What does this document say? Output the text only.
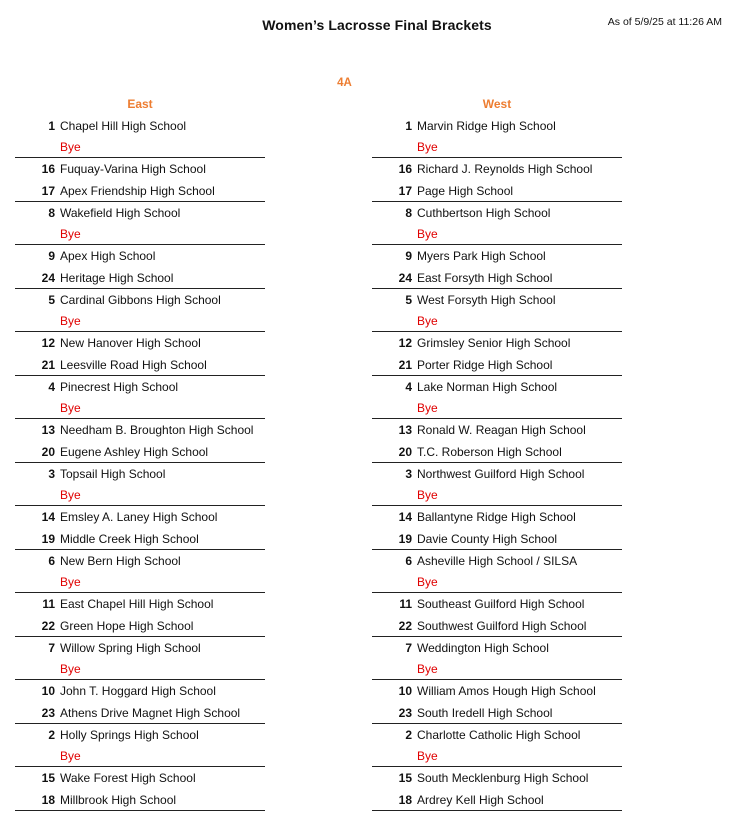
Women’s Lacrosse Final Brackets	As of 5/9/25 at 11:26 AM
4A
East
1 Chapel Hill High School
Bye
16 Fuquay-Varina High School
17 Apex Friendship High School
8 Wakefield High School
Bye
9 Apex High School
24 Heritage High School
5 Cardinal Gibbons High School
Bye
12 New Hanover High School
21 Leesville Road High School
4 Pinecrest High School
Bye
13 Needham B. Broughton High School
20 Eugene Ashley High School
3 Topsail High School
Bye
14 Emsley A. Laney High School
19 Middle Creek High School
6 New Bern High School
Bye
11 East Chapel Hill High School
22 Green Hope High School
7 Willow Spring High School
Bye
10 John T. Hoggard High School
23 Athens Drive Magnet High School
2 Holly Springs High School
Bye
15 Wake Forest High School
18 Millbrook High School
West
1 Marvin Ridge High School
Bye
16 Richard J. Reynolds High School
17 Page High School
8 Cuthbertson High School
Bye
9 Myers Park High School
24 East Forsyth High School
5 West Forsyth High School
Bye
12 Grimsley Senior High School
21 Porter Ridge High School
4 Lake Norman High School
Bye
13 Ronald W. Reagan High School
20 T.C. Roberson High School
3 Northwest Guilford High School
Bye
14 Ballantyne Ridge High School
19 Davie County High School
6 Asheville High School / SILSA
Bye
11 Southeast Guilford High School
22 Southwest Guilford High School
7 Weddington High School
Bye
10 William Amos Hough High School
23 South Iredell High School
2 Charlotte Catholic High School
Bye
15 South Mecklenburg High School
18 Ardrey Kell High School
